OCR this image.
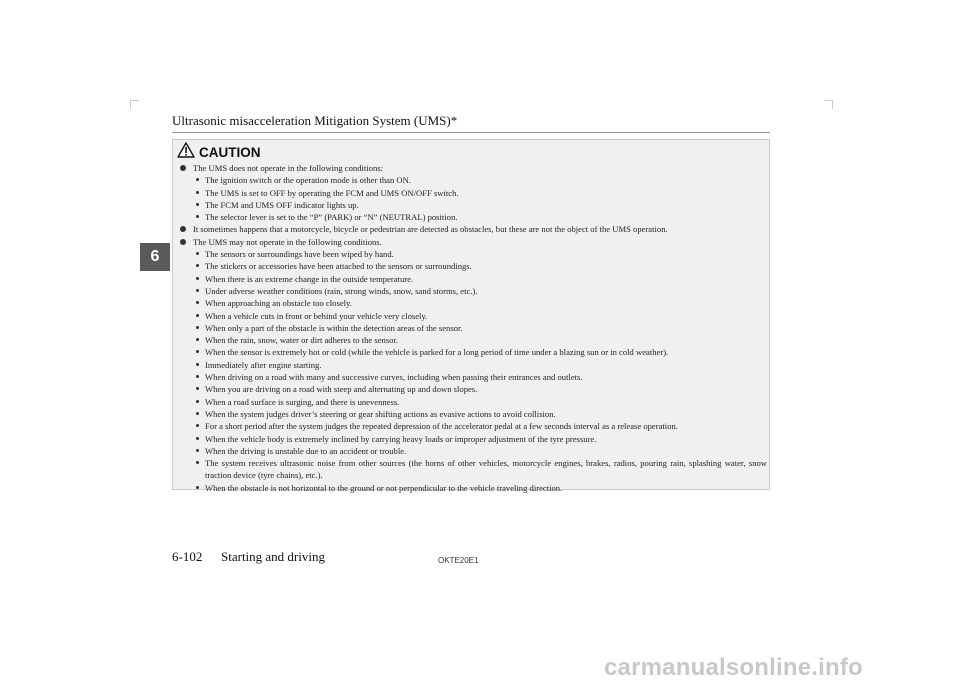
Ultrasonic misacceleration Mitigation System (UMS)*
6
CAUTION
The UMS does not operate in the following conditions:
The ignition switch or the operation mode is other than ON.
The UMS is set to OFF by operating the FCM and UMS ON/OFF switch.
The FCM and UMS OFF indicator lights up.
The selector lever is set to the “P” (PARK) or “N” (NEUTRAL) position.
It sometimes happens that a motorcycle, bicycle or pedestrian are detected as obstacles, but these are not the object of the UMS operation.
The UMS may not operate in the following conditions.
The sensors or surroundings have been wiped by hand.
The stickers or accessories have been attached to the sensors or surroundings.
When there is an extreme change in the outside temperature.
Under adverse weather conditions (rain, strong winds, snow, sand storms, etc.).
When approaching an obstacle too closely.
When a vehicle cuts in front or behind your vehicle very closely.
When only a part of the obstacle is within the detection areas of the sensor.
When the rain, snow, water or dirt adheres to the sensor.
When the sensor is extremely hot or cold (while the vehicle is parked for a long period of time under a blazing sun or in cold weather).
Immediately after engine starting.
When driving on a road with many and successive curves, including when passing their entrances and outlets.
When you are driving on a road with steep and alternating up and down slopes.
When a road surface is surging, and there is unevenness.
When the system judges driver’s steering or gear shifting actions as evasive actions to avoid collision.
For a short period after the system judges the repeated depression of the accelerator pedal at a few seconds interval as a release operation.
When the vehicle body is extremely inclined by carrying heavy loads or improper adjustment of the tyre pressure.
When the driving is unstable due to an accident or trouble.
The system receives ultrasonic noise from other sources (the horns of other vehicles, motorcycle engines, brakes, radios, pouring rain, splashing water, snow traction device (tyre chains), etc.).
When the obstacle is not horizontal to the ground or not perpendicular to the vehicle traveling direction.
6-102 Starting and driving	OKTE20E1
carmanualsonline.info
